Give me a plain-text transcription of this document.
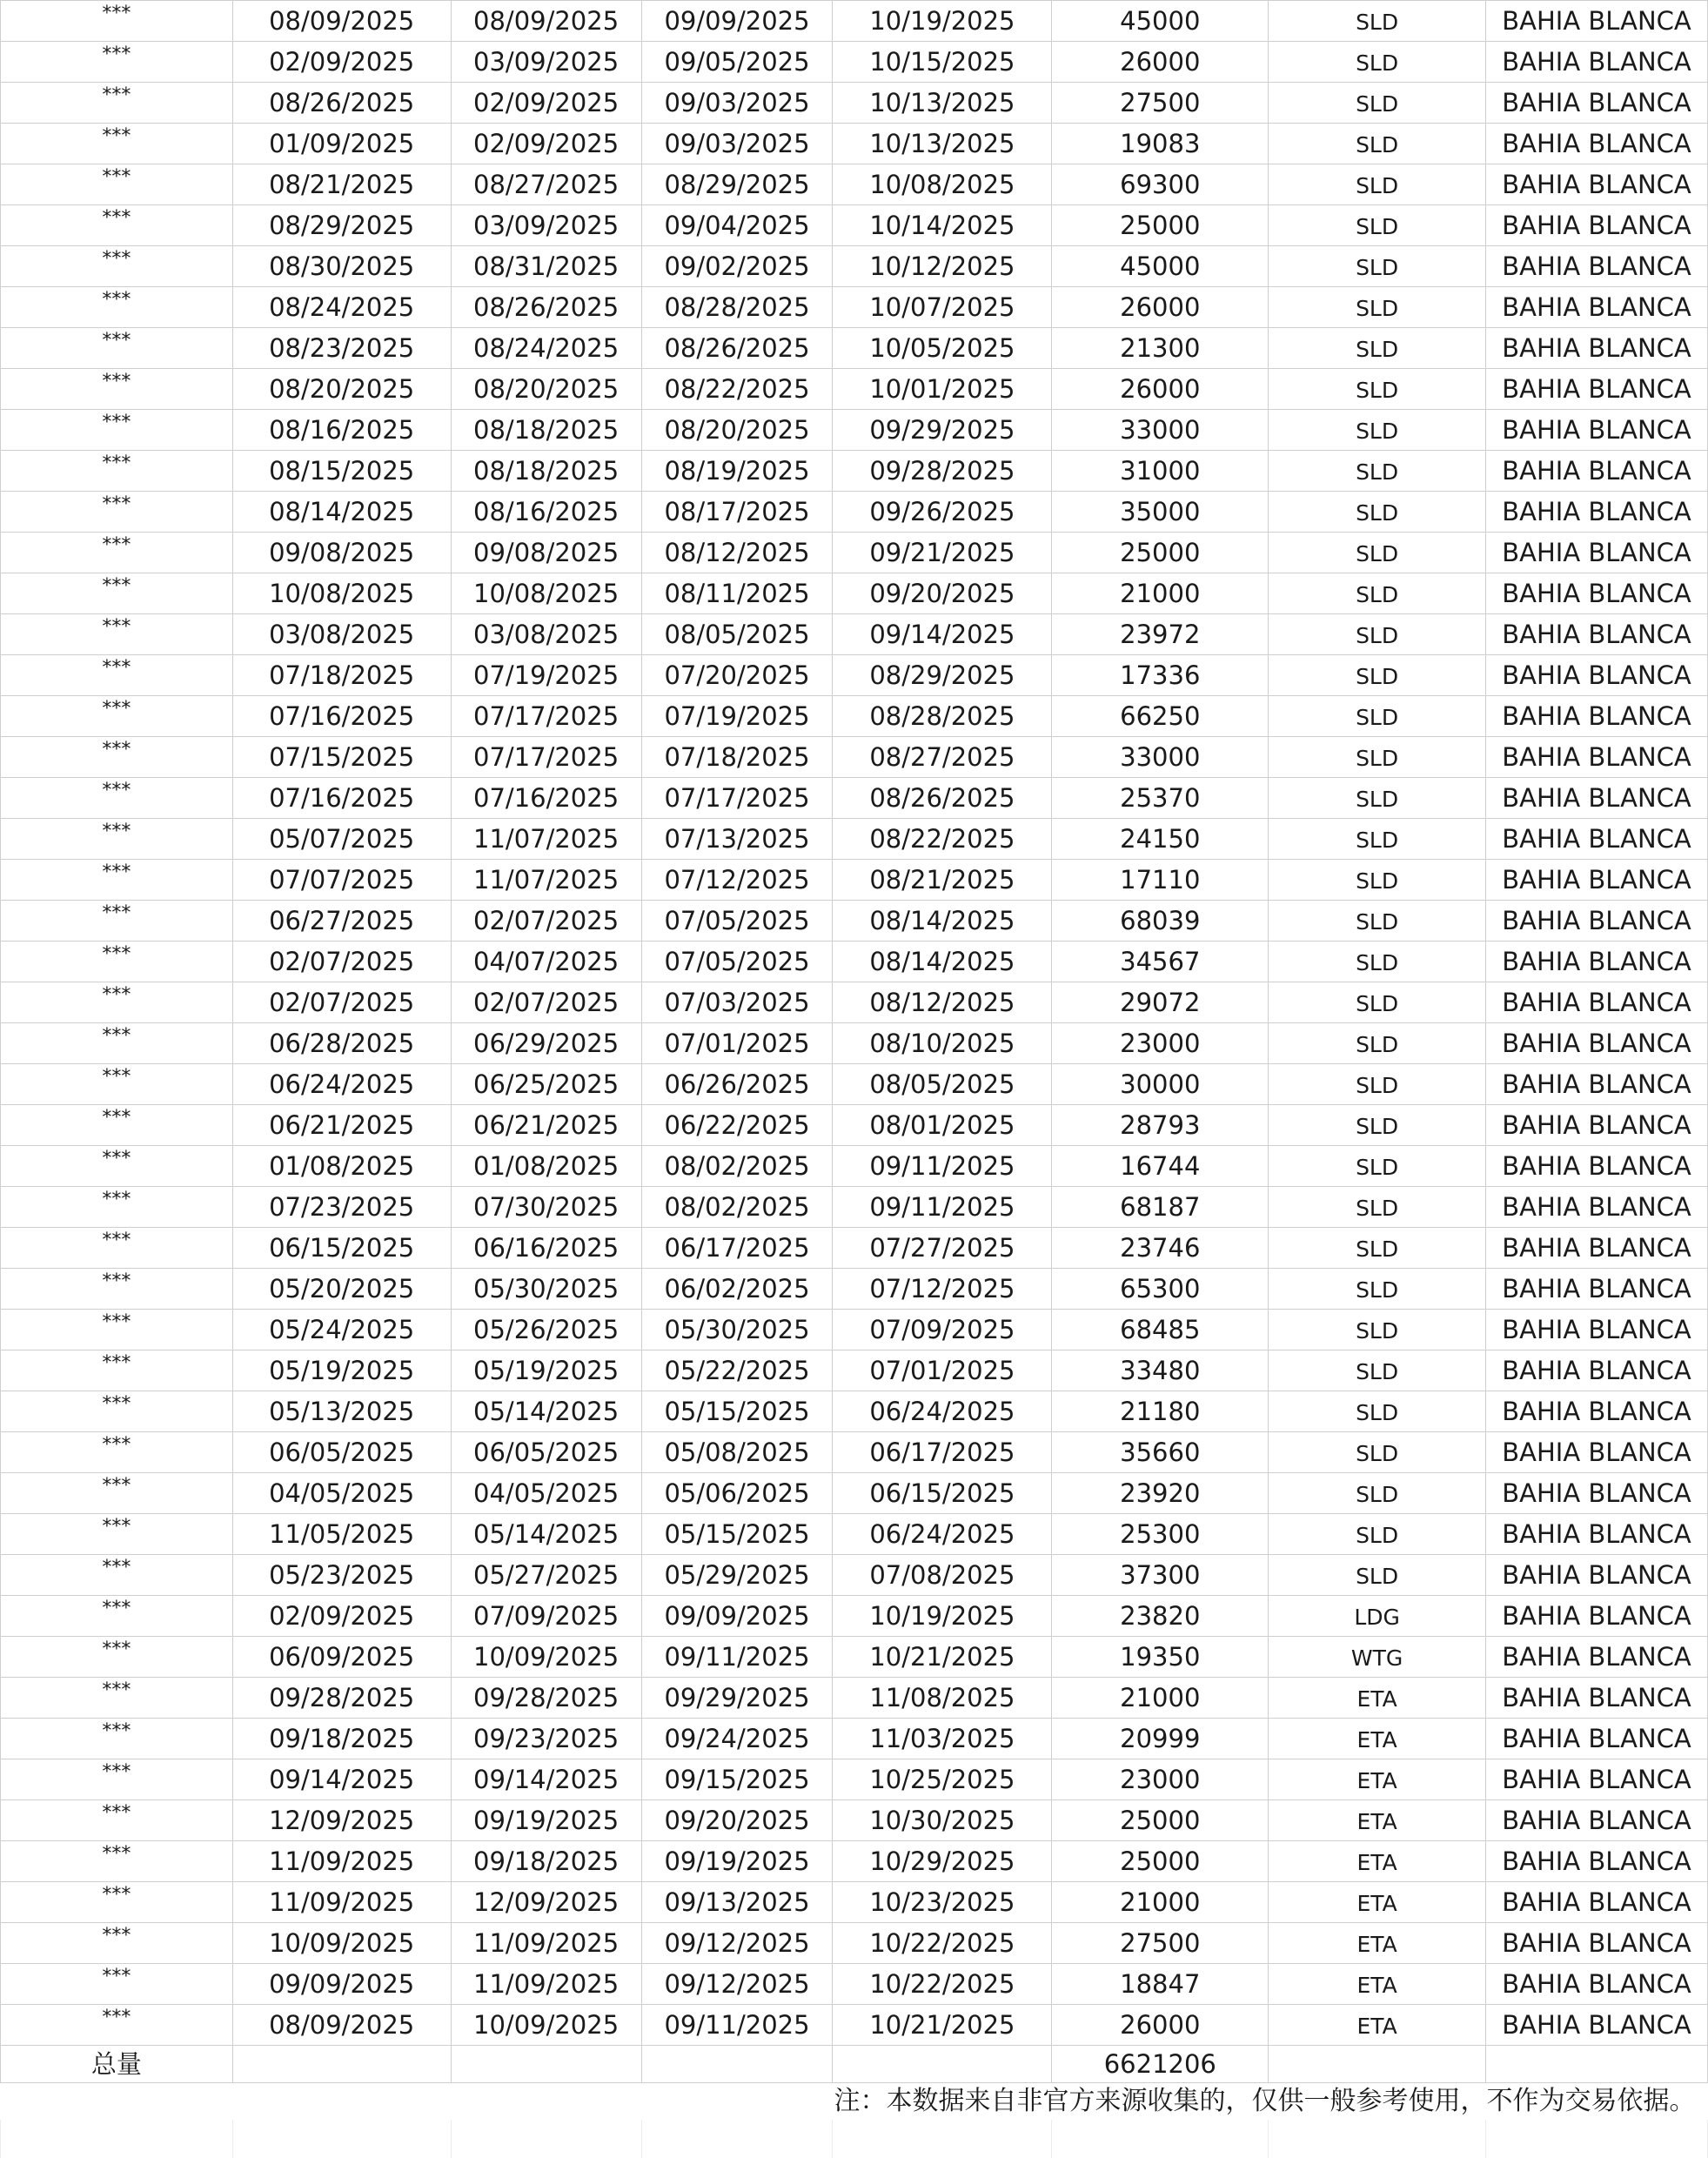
***	08/09/2025	08/09/2025	09/09/2025	10/19/2025	45000	SLD	BAHIA BLANCA
***	02/09/2025	03/09/2025	09/05/2025	10/15/2025	26000	SLD	BAHIA BLANCA
***	08/26/2025	02/09/2025	09/03/2025	10/13/2025	27500	SLD	BAHIA BLANCA
***	01/09/2025	02/09/2025	09/03/2025	10/13/2025	19083	SLD	BAHIA BLANCA
***	08/21/2025	08/27/2025	08/29/2025	10/08/2025	69300	SLD	BAHIA BLANCA
***	08/29/2025	03/09/2025	09/04/2025	10/14/2025	25000	SLD	BAHIA BLANCA
***	08/30/2025	08/31/2025	09/02/2025	10/12/2025	45000	SLD	BAHIA BLANCA
***	08/24/2025	08/26/2025	08/28/2025	10/07/2025	26000	SLD	BAHIA BLANCA
***	08/23/2025	08/24/2025	08/26/2025	10/05/2025	21300	SLD	BAHIA BLANCA
***	08/20/2025	08/20/2025	08/22/2025	10/01/2025	26000	SLD	BAHIA BLANCA
***	08/16/2025	08/18/2025	08/20/2025	09/29/2025	33000	SLD	BAHIA BLANCA
***	08/15/2025	08/18/2025	08/19/2025	09/28/2025	31000	SLD	BAHIA BLANCA
***	08/14/2025	08/16/2025	08/17/2025	09/26/2025	35000	SLD	BAHIA BLANCA
***	09/08/2025	09/08/2025	08/12/2025	09/21/2025	25000	SLD	BAHIA BLANCA
***	10/08/2025	10/08/2025	08/11/2025	09/20/2025	21000	SLD	BAHIA BLANCA
***	03/08/2025	03/08/2025	08/05/2025	09/14/2025	23972	SLD	BAHIA BLANCA
***	07/18/2025	07/19/2025	07/20/2025	08/29/2025	17336	SLD	BAHIA BLANCA
***	07/16/2025	07/17/2025	07/19/2025	08/28/2025	66250	SLD	BAHIA BLANCA
***	07/15/2025	07/17/2025	07/18/2025	08/27/2025	33000	SLD	BAHIA BLANCA
***	07/16/2025	07/16/2025	07/17/2025	08/26/2025	25370	SLD	BAHIA BLANCA
***	05/07/2025	11/07/2025	07/13/2025	08/22/2025	24150	SLD	BAHIA BLANCA
***	07/07/2025	11/07/2025	07/12/2025	08/21/2025	17110	SLD	BAHIA BLANCA
***	06/27/2025	02/07/2025	07/05/2025	08/14/2025	68039	SLD	BAHIA BLANCA
***	02/07/2025	04/07/2025	07/05/2025	08/14/2025	34567	SLD	BAHIA BLANCA
***	02/07/2025	02/07/2025	07/03/2025	08/12/2025	29072	SLD	BAHIA BLANCA
***	06/28/2025	06/29/2025	07/01/2025	08/10/2025	23000	SLD	BAHIA BLANCA
***	06/24/2025	06/25/2025	06/26/2025	08/05/2025	30000	SLD	BAHIA BLANCA
***	06/21/2025	06/21/2025	06/22/2025	08/01/2025	28793	SLD	BAHIA BLANCA
***	01/08/2025	01/08/2025	08/02/2025	09/11/2025	16744	SLD	BAHIA BLANCA
***	07/23/2025	07/30/2025	08/02/2025	09/11/2025	68187	SLD	BAHIA BLANCA
***	06/15/2025	06/16/2025	06/17/2025	07/27/2025	23746	SLD	BAHIA BLANCA
***	05/20/2025	05/30/2025	06/02/2025	07/12/2025	65300	SLD	BAHIA BLANCA
***	05/24/2025	05/26/2025	05/30/2025	07/09/2025	68485	SLD	BAHIA BLANCA
***	05/19/2025	05/19/2025	05/22/2025	07/01/2025	33480	SLD	BAHIA BLANCA
***	05/13/2025	05/14/2025	05/15/2025	06/24/2025	21180	SLD	BAHIA BLANCA
***	06/05/2025	06/05/2025	05/08/2025	06/17/2025	35660	SLD	BAHIA BLANCA
***	04/05/2025	04/05/2025	05/06/2025	06/15/2025	23920	SLD	BAHIA BLANCA
***	11/05/2025	05/14/2025	05/15/2025	06/24/2025	25300	SLD	BAHIA BLANCA
***	05/23/2025	05/27/2025	05/29/2025	07/08/2025	37300	SLD	BAHIA BLANCA
***	02/09/2025	07/09/2025	09/09/2025	10/19/2025	23820	LDG	BAHIA BLANCA
***	06/09/2025	10/09/2025	09/11/2025	10/21/2025	19350	WTG	BAHIA BLANCA
***	09/28/2025	09/28/2025	09/29/2025	11/08/2025	21000	ETA	BAHIA BLANCA
***	09/18/2025	09/23/2025	09/24/2025	11/03/2025	20999	ETA	BAHIA BLANCA
***	09/14/2025	09/14/2025	09/15/2025	10/25/2025	23000	ETA	BAHIA BLANCA
***	12/09/2025	09/19/2025	09/20/2025	10/30/2025	25000	ETA	BAHIA BLANCA
***	11/09/2025	09/18/2025	09/19/2025	10/29/2025	25000	ETA	BAHIA BLANCA
***	11/09/2025	12/09/2025	09/13/2025	10/23/2025	21000	ETA	BAHIA BLANCA
***	10/09/2025	11/09/2025	09/12/2025	10/22/2025	27500	ETA	BAHIA BLANCA
***	09/09/2025	11/09/2025	09/12/2025	10/22/2025	18847	ETA	BAHIA BLANCA
***	08/09/2025	10/09/2025	09/11/2025	10/21/2025	26000	ETA	BAHIA BLANCA
总量					6621206		
注：本数据来自非官方来源收集的，仅供一般参考使用，不作为交易依据。							
